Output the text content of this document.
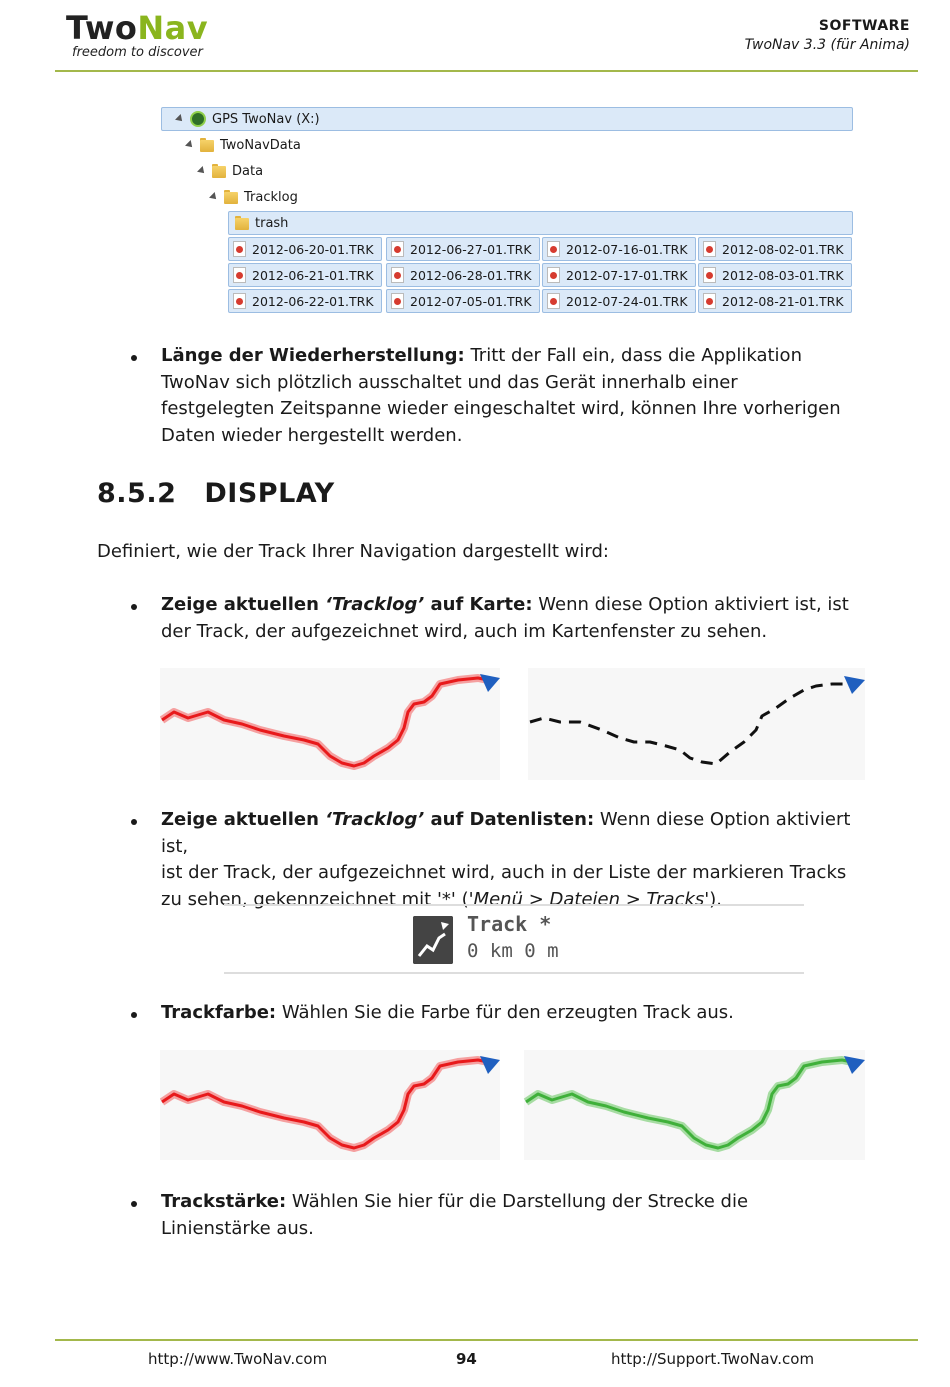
TwoNav
freedom to discover
SOFTWARE
TwoNav 3.3 (für Anima)
GPS TwoNav (X:)
TwoNavData
Data
Tracklog
trash
2012-06-20-01.TRK	2012-06-27-01.TRK	2012-07-16-01.TRK	2012-08-02-01.TRK
2012-06-21-01.TRK	2012-06-28-01.TRK	2012-07-17-01.TRK	2012-08-03-01.TRK
2012-06-22-01.TRK	2012-07-05-01.TRK	2012-07-24-01.TRK	2012-08-21-01.TRK
Länge der Wiederherstellung: Tritt der Fall ein, dass die Applikation
TwoNav sich plötzlich ausschaltet und das Gerät innerhalb einer
festgelegten Zeitspanne wieder eingeschaltet wird, können Ihre vorherigen
Daten wieder hergestellt werden.
8.5.2 DISPLAY
Definiert, wie der Track Ihrer Navigation dargestellt wird:
Zeige aktuellen ‘Tracklog’ auf Karte: Wenn diese Option aktiviert ist, ist
der Track, der aufgezeichnet wird, auch im Kartenfenster zu sehen.
Zeige aktuellen ‘Tracklog’ auf Datenlisten: Wenn diese Option aktiviert ist,
ist der Track, der aufgezeichnet wird, auch in der Liste der markieren Tracks
zu sehen, gekennzeichnet mit '*' ('Menü > Dateien > Tracks').
Track *
0 km 0 m
Trackfarbe: Wählen Sie die Farbe für den erzeugten Track aus.
Trackstärke: Wählen Sie hier für die Darstellung der Strecke die
Linienstärke aus.
http://www.TwoNav.com	94	http://Support.TwoNav.com
